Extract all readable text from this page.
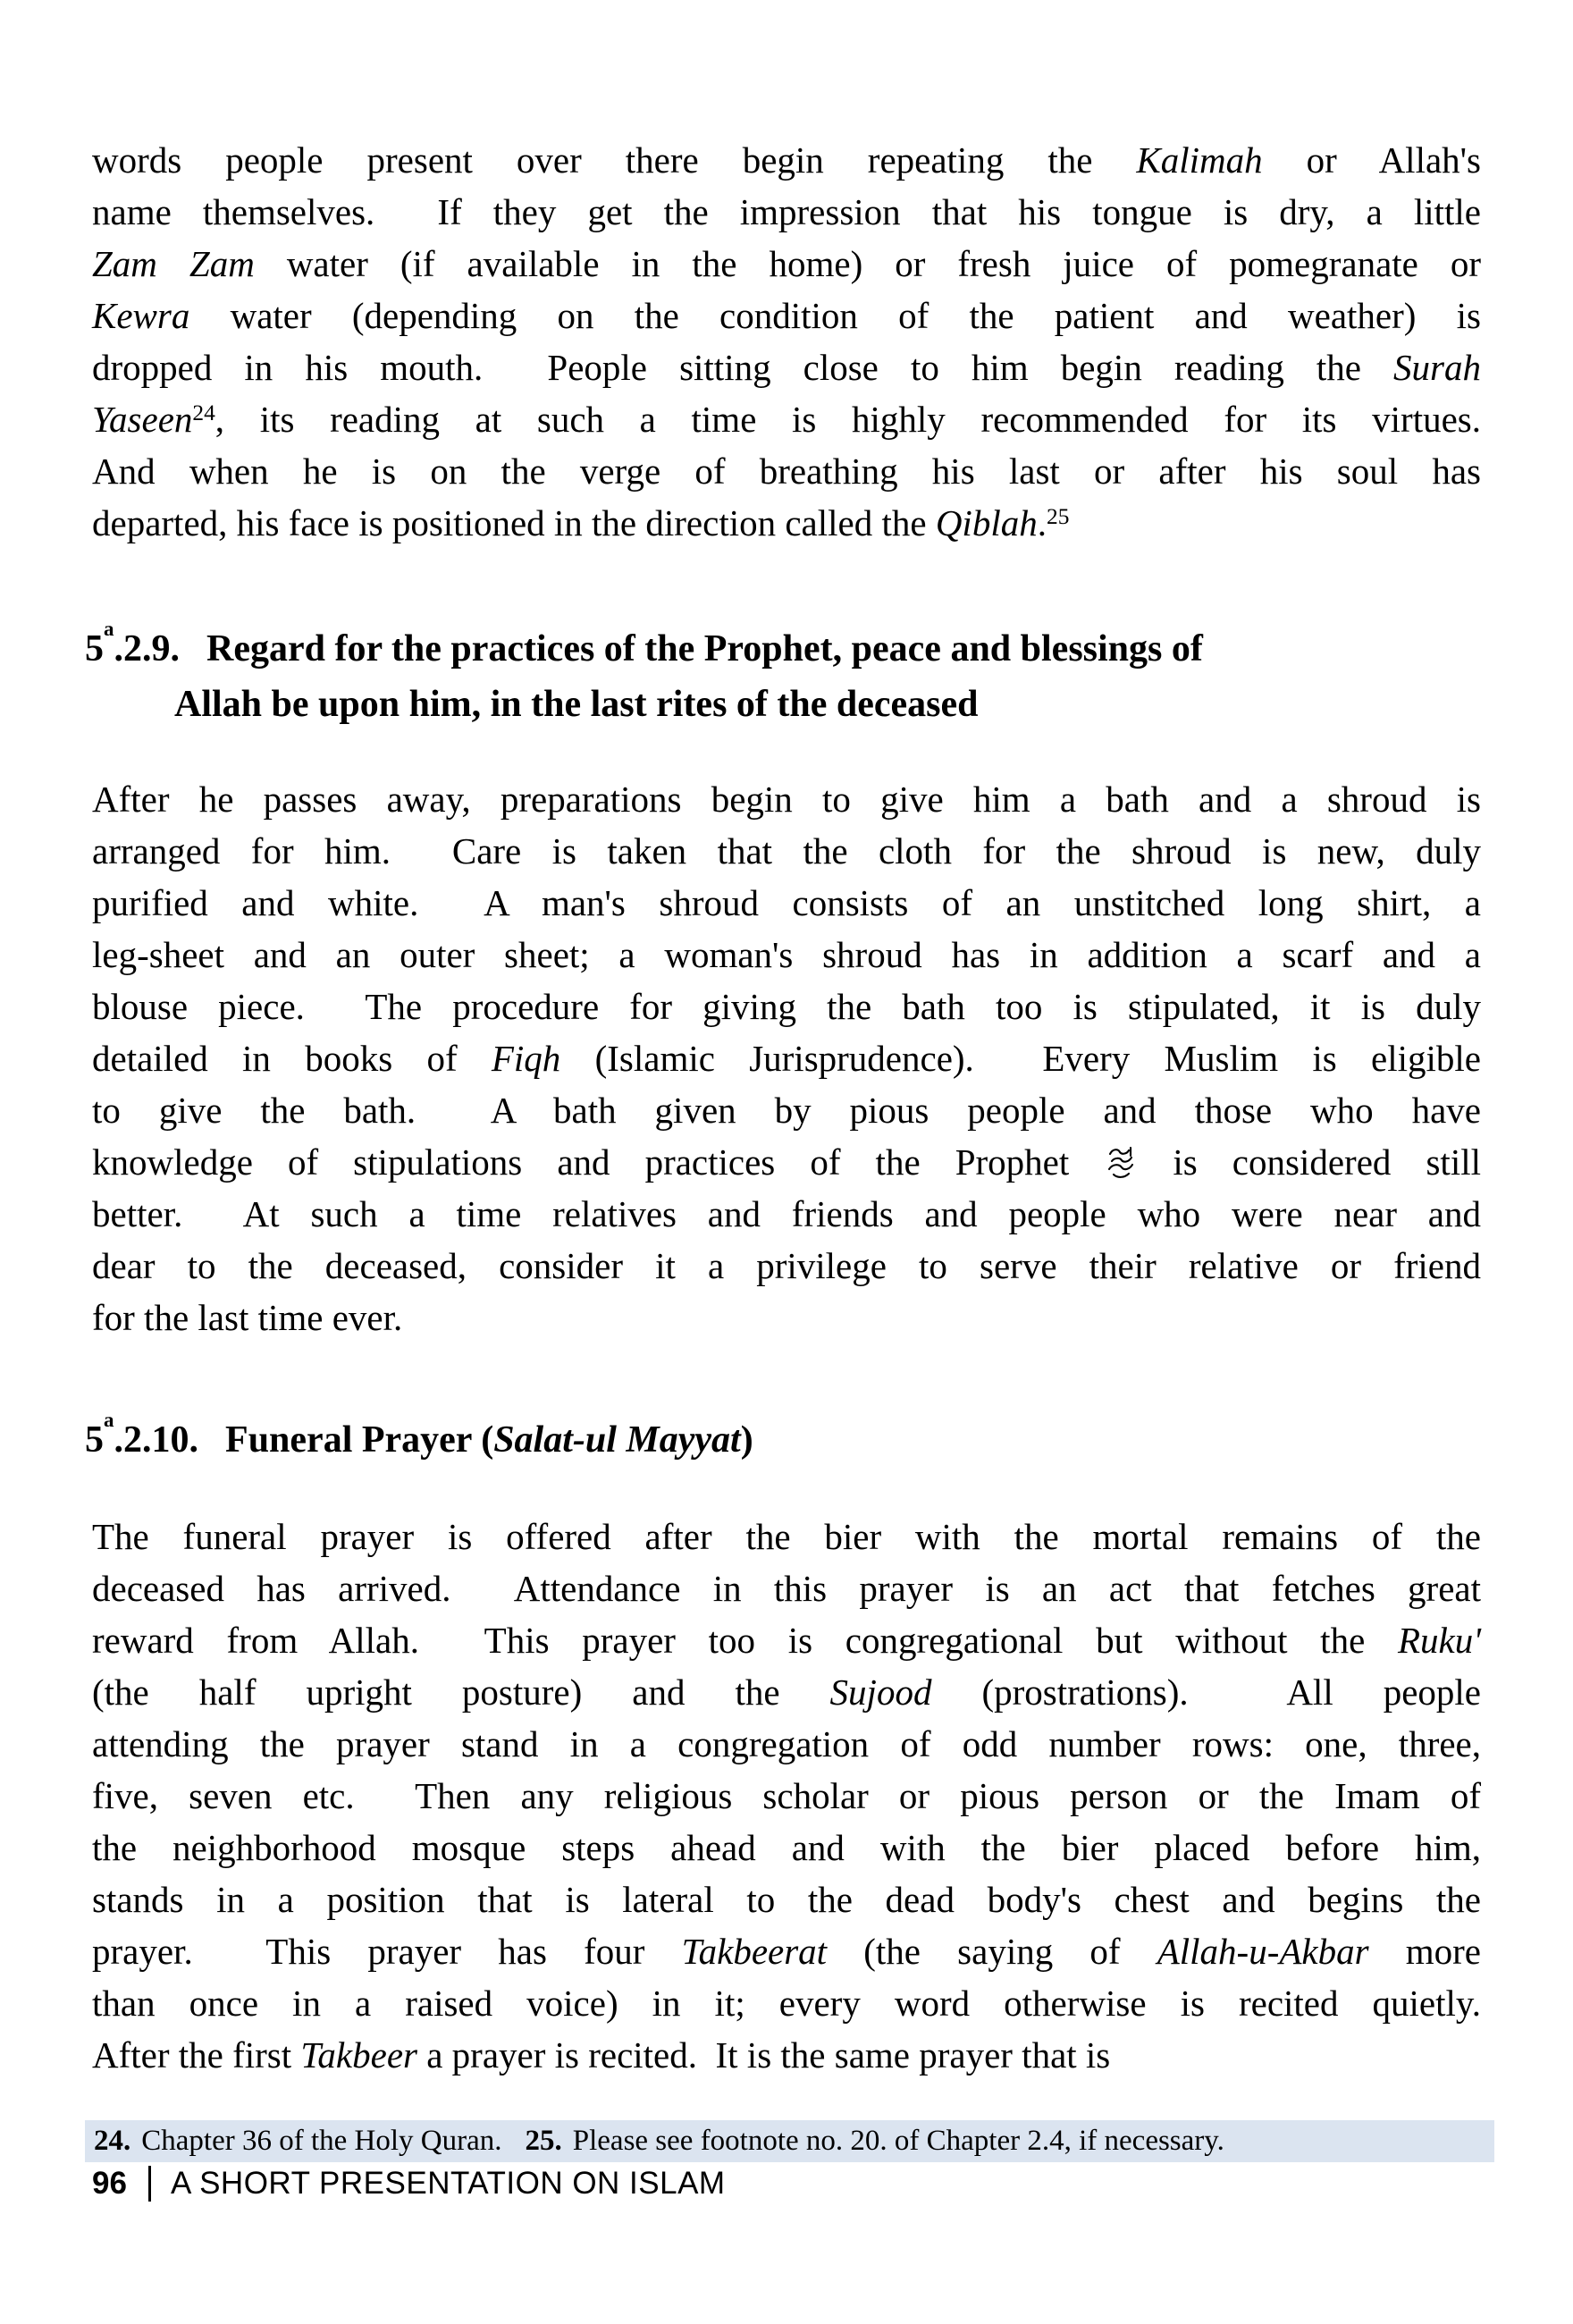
words people present over there begin repeating the Kalimah or Allah's
name themselves.  If they get the impression that his tongue is dry, a little
Zam Zam water (if available in the home) or fresh juice of pomegranate or
Kewra water (depending on the condition of the patient and weather) is
dropped in his mouth.  People sitting close to him begin reading the Surah
Yaseen$^{24}$, its reading at such a time is highly recommended for its virtues.
And when he is on the verge of breathing his last or after his soul has
departed, his face is positioned in the direction called the Qiblah.$^{25}$
5$^a$.2.9. Regard for the practices of the Prophet, peace and blessings of
Allah be upon him, in the last rites of the deceased
After he passes away, preparations begin to give him a bath and a shroud is
arranged for him.  Care is taken that the cloth for the shroud is new, duly
purified and white.  A man's shroud consists of an unstitched long shirt, a
leg-sheet and an outer sheet; a woman's shroud has in addition a scarf and a
blouse piece.  The procedure for giving the bath too is stipulated, it is duly
detailed in books of Fiqh (Islamic Jurisprudence).  Every Muslim is eligible
to give the bath.  A bath given by pious people and those who have
knowledge of stipulations and practices of the Prophet  is considered still
better.  At such a time relatives and friends and people who were near and
dear to the deceased, consider it a privilege to serve their relative or friend
for the last time ever.
5$^a$.2.10. Funeral Prayer (Salat-ul Mayyat)
The funeral prayer is offered after the bier with the mortal remains of the
deceased has arrived.  Attendance in this prayer is an act that fetches great
reward from Allah.  This prayer too is congregational but without the Ruku'
(the half upright posture) and the Sujood (prostrations).  All people
attending the prayer stand in a congregation of odd number rows: one, three,
five, seven etc.  Then any religious scholar or pious person or the Imam of
the neighborhood mosque steps ahead and with the bier placed before him,
stands in a position that is lateral to the dead body's chest and begins the
prayer.  This prayer has four Takbeerat (the saying of Allah-u-Akbar more
than once in a raised voice) in it; every word otherwise is recited quietly.
After the first Takbeer a prayer is recited.  It is the same prayer that is
24. Chapter 36 of the Holy Quran. 25. Please see footnote no. 20. of Chapter 2.4, if necessary.
96 A SHORT PRESENTATION ON ISLAM
